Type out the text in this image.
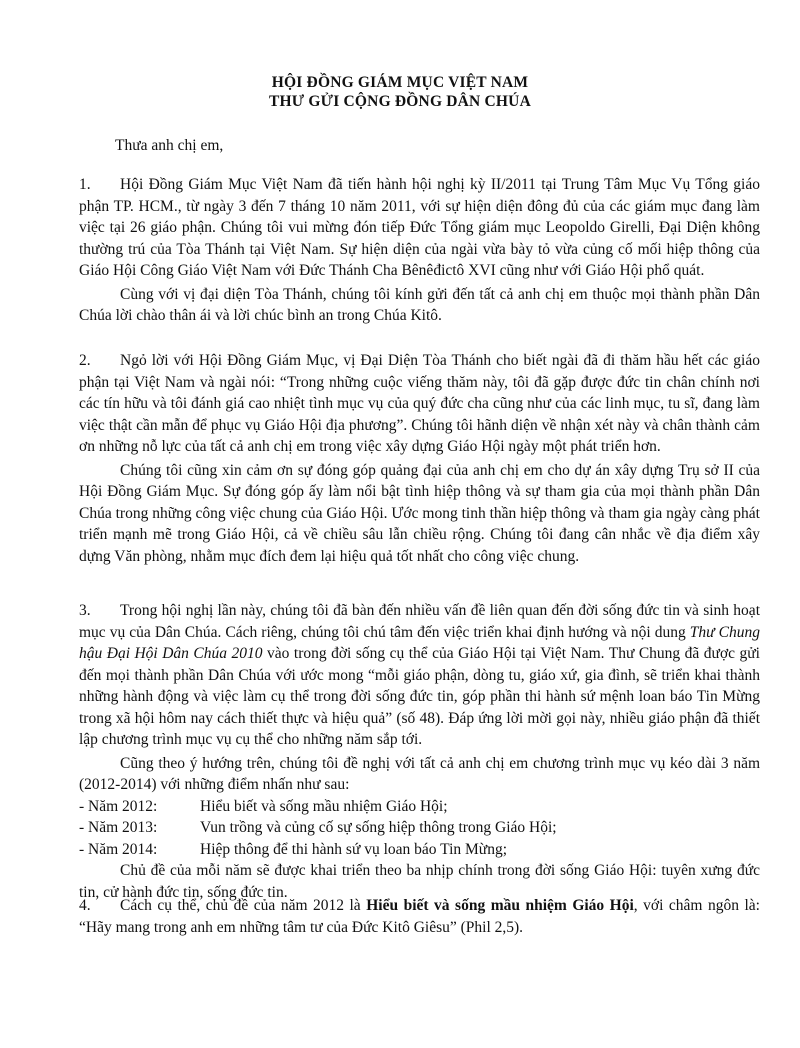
HỘI ĐỒNG GIÁM MỤC VIỆT NAM
THƯ GỬI CỘNG ĐỒNG DÂN CHÚA
Thưa anh chị em,
1.	Hội Đồng Giám Mục Việt Nam đã tiến hành hội nghị kỳ II/2011 tại Trung Tâm Mục Vụ Tổng giáo phận TP. HCM., từ ngày 3 đến 7 tháng 10 năm 2011, với sự hiện diện đông đủ của các giám mục đang làm việc tại 26 giáo phận. Chúng tôi vui mừng đón tiếp Đức Tổng giám mục Leopoldo Girelli, Đại Diện không thường trú của Tòa Thánh tại Việt Nam. Sự hiện diện của ngài vừa bày tỏ vừa củng cố mối hiệp thông của Giáo Hội Công Giáo Việt Nam với Đức Thánh Cha Bênêđictô XVI cũng như với Giáo Hội phổ quát.

Cùng với vị đại diện Tòa Thánh, chúng tôi kính gửi đến tất cả anh chị em thuộc mọi thành phần Dân Chúa lời chào thân ái và lời chúc bình an trong Chúa Kitô.

2.	Ngỏ lời với Hội Đồng Giám Mục, vị Đại Diện Tòa Thánh cho biết ngài đã đi thăm hầu hết các giáo phận tại Việt Nam và ngài nói: “Trong những cuộc viếng thăm này, tôi đã gặp được đức tin chân chính nơi các tín hữu và tôi đánh giá cao nhiệt tình mục vụ của quý đức cha cũng như của các linh mục, tu sĩ, đang làm việc thật cần mẫn để phục vụ Giáo Hội địa phương”. Chúng tôi hãnh diện về nhận xét này và chân thành cảm ơn những nỗ lực của tất cả anh chị em trong việc xây dựng Giáo Hội ngày một phát triển hơn.

Chúng tôi cũng xin cảm ơn sự đóng góp quảng đại của anh chị em cho dự án xây dựng Trụ sở II của Hội Đồng Giám Mục. Sự đóng góp ấy làm nổi bật tình hiệp thông và sự tham gia của mọi thành phần Dân Chúa trong những công việc chung của Giáo Hội. Ước mong tinh thần hiệp thông và tham gia ngày càng phát triển mạnh mẽ trong Giáo Hội, cả về chiều sâu lẫn chiều rộng. Chúng tôi đang cân nhắc về địa điểm xây dựng Văn phòng, nhằm mục đích đem lại hiệu quả tốt nhất cho công việc chung.

3.	Trong hội nghị lần này, chúng tôi đã bàn đến nhiều vấn đề liên quan đến đời sống đức tin và sinh hoạt mục vụ của Dân Chúa. Cách riêng, chúng tôi chú tâm đến việc triển khai định hướng và nội dung Thư Chung hậu Đại Hội Dân Chúa 2010 vào trong đời sống cụ thể của Giáo Hội tại Việt Nam. Thư Chung đã được gửi đến mọi thành phần Dân Chúa với ước mong “mỗi giáo phận, dòng tu, giáo xứ, gia đình, sẽ triển khai thành những hành động và việc làm cụ thể trong đời sống đức tin, góp phần thi hành sứ mệnh loan báo Tin Mừng trong xã hội hôm nay cách thiết thực và hiệu quả” (số 48). Đáp ứng lời mời gọi này, nhiều giáo phận đã thiết lập chương trình mục vụ cụ thể cho những năm sắp tới.

Cũng theo ý hướng trên, chúng tôi đề nghị với tất cả anh chị em chương trình mục vụ kéo dài 3 năm (2012-2014) với những điểm nhấn như sau:

- Năm 2012:	Hiểu biết và sống mầu nhiệm Giáo Hội;
- Năm 2013:	Vun trồng và củng cố sự sống hiệp thông trong Giáo Hội;
- Năm 2014:	Hiệp thông để thi hành sứ vụ loan báo Tin Mừng;

Chủ đề của mỗi năm sẽ được khai triển theo ba nhịp chính trong đời sống Giáo Hội: tuyên xưng đức tin, cử hành đức tin, sống đức tin.

4.	Cách cụ thể, chủ đề của năm 2012 là Hiểu biết và sống mầu nhiệm Giáo Hội, với châm ngôn là: “Hãy mang trong anh em những tâm tư của Đức Kitô Giêsu” (Phil 2,5).
